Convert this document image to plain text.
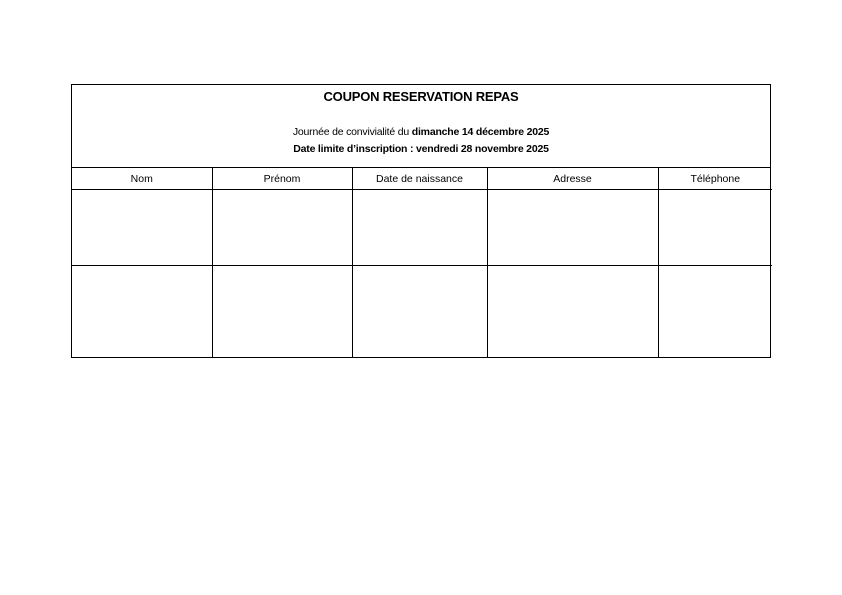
COUPON RESERVATION REPAS
Journée de convivialité du dimanche 14 décembre 2025
Date limite d’inscription : vendredi 28 novembre 2025
Nom	Prénom	Date de naissance	Adresse	Téléphone
